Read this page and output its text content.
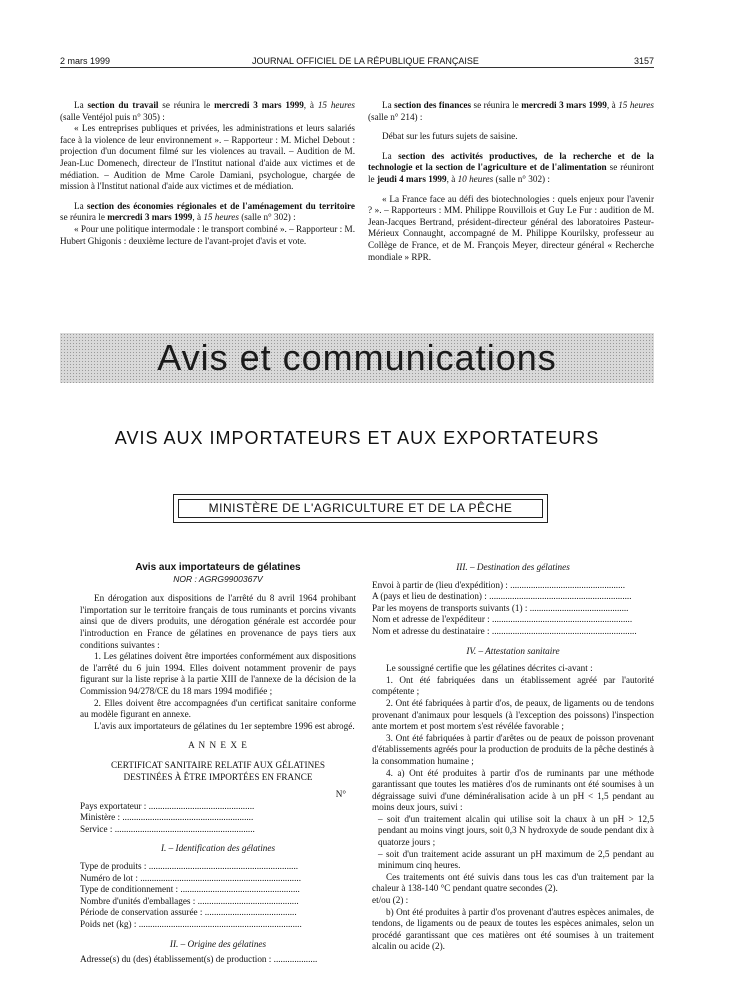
2 mars 1999	JOURNAL OFFICIEL DE LA RÉPUBLIQUE FRANÇAISE	3157

La section du travail se réunira le mercredi 3 mars 1999, à 15 heures (salle Ventéjol puis n° 305) :

« Les entreprises publiques et privées, les administrations et leurs salariés face à la violence de leur environnement ». – Rapporteur : M. Michel Debout : projection d'un document filmé sur les violences au travail. – Audition de M. Jean-Luc Domenech, directeur de l'Institut national d'aide aux victimes et de médiation. – Audition de Mme Carole Damiani, psychologue, chargée de mission à l'Institut national d'aide aux victimes et de médiation.

La section des économies régionales et de l'aménagement du territoire se réunira le mercredi 3 mars 1999, à 15 heures (salle n° 302) :

« Pour une politique intermodale : le transport combiné ». – Rapporteur : M. Hubert Ghigonis : deuxième lecture de l'avant-projet d'avis et vote.

La section des finances se réunira le mercredi 3 mars 1999, à 15 heures (salle n° 214) :

Débat sur les futurs sujets de saisine.

La section des activités productives, de la recherche et de la technologie et la section de l'agriculture et de l'alimentation se réuniront le jeudi 4 mars 1999, à 10 heures (salle n° 302) :

« La France face au défi des biotechnologies : quels enjeux pour l'avenir ? ». – Rapporteurs : MM. Philippe Rouvillois et Guy Le Fur : audition de M. Jean-Jacques Bertrand, président-directeur général des laboratoires Pasteur-Mérieux Connaught, accompagné de M. Philippe Kourilsky, professeur au Collège de France, et de M. François Meyer, directeur général « Recherche mondiale » RPR.

Avis et communications
AVIS AUX IMPORTATEURS ET AUX EXPORTATEURS
MINISTÈRE DE L'AGRICULTURE ET DE LA PÊCHE

Avis aux importateurs de gélatines

NOR : AGRG9900367V

En dérogation aux dispositions de l'arrêté du 8 avril 1964 prohibant l'importation sur le territoire français de tous ruminants et porcins vivants ainsi que de divers produits, une dérogation générale est accordée pour l'introduction en France de gélatines en provenance de pays tiers aux conditions suivantes :

1. Les gélatines doivent être importées conformément aux dispositions de l'arrêté du 6 juin 1994. Elles doivent notamment provenir de pays figurant sur la liste reprise à la partie XIII de l'annexe de la décision de la Commission 94/278/CE du 18 mars 1994 modifiée ;

2. Elles doivent être accompagnées d'un certificat sanitaire conforme au modèle figurant en annexe.

L'avis aux importateurs de gélatines du 1er septembre 1996 est abrogé.

A N N E X E

CERTIFICAT SANITAIRE RELATIF AUX GÉLATINES

DESTINÉES À ÊTRE IMPORTÉES EN FRANCE

N°

Pays exportateur : ..............................................

Ministère : .........................................................

Service : .............................................................

I. – Identification des gélatines

Type de produits : .................................................................

Numéro de lot : ......................................................................

Type de conditionnement : ....................................................

Nombre d'unités d'emballages : ............................................

Période de conservation assurée : ........................................

Poids net (kg) : .......................................................................

II. – Origine des gélatines

Adresse(s) du (des) établissement(s) de production : ...................

III. – Destination des gélatines

Envoi à partir de (lieu d'expédition) : ..................................................

A (pays et lieu de destination) : ..............................................................

Par les moyens de transports suivants (1) : ...........................................

Nom et adresse de l'expéditeur : .............................................................

Nom et adresse du destinataire : ...............................................................

IV. – Attestation sanitaire

Le soussigné certifie que les gélatines décrites ci-avant :

1. Ont été fabriquées dans un établissement agréé par l'autorité compétente ;

2. Ont été fabriquées à partir d'os, de peaux, de ligaments ou de tendons provenant d'animaux pour lesquels (à l'exception des poissons) l'inspection ante mortem et post mortem s'est révélée favorable ;

3. Ont été fabriquées à partir d'arêtes ou de peaux de poisson provenant d'établissements agréés pour la production de produits de la pêche destinés à la consommation humaine ;

4. a) Ont été produites à partir d'os de ruminants par une méthode garantissant que toutes les matières d'os de ruminants ont été soumises à un dégraissage suivi d'une déminéralisation acide à un pH < 1,5 pendant au moins deux jours, suivi :

– soit d'un traitement alcalin qui utilise soit la chaux à un pH > 12,5 pendant au moins vingt jours, soit 0,3 N hydroxyde de soude pendant dix à quatorze jours ;

– soit d'un traitement acide assurant un pH maximum de 2,5 pendant au minimum cinq heures.

Ces traitements ont été suivis dans tous les cas d'un traitement par la chaleur à 138-140 °C pendant quatre secondes (2).

et/ou (2) :

b) Ont été produites à partir d'os provenant d'autres espèces animales, de tendons, de ligaments ou de peaux de toutes les espèces animales, selon un procédé garantissant que ces matières ont été soumises à un traitement alcalin ou acide (2).
